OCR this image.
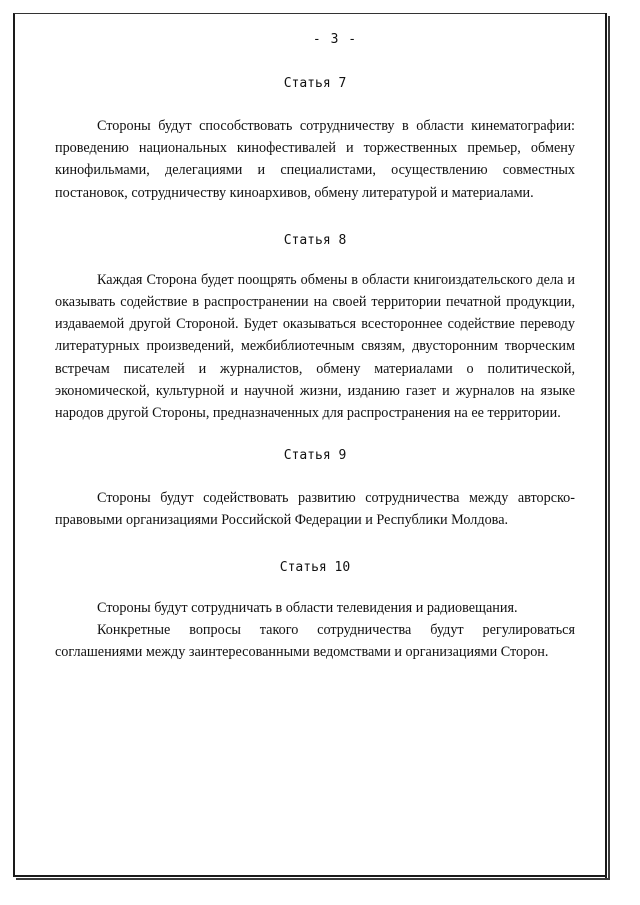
- 3 -
Статья 7

Стороны будут способствовать сотрудничеству в области кинематографии: проведению национальных кинофестивалей и торжественных премьер, обмену кинофильмами, делегациями и специалистами, осуществлению совместных постановок, сотрудничеству киноархивов, обмену литературой и материалами.

Статья 8

Каждая Сторона будет поощрять обмены в области книгоиздательского дела и оказывать содействие в распространении на своей территории печатной продукции, издаваемой другой Стороной. Будет оказываться всестороннее содействие переводу литературных произведений, межбиблиотечным связям, двусторонним творческим встречам писателей и журналистов, обмену материалами о политической, экономической, культурной и научной жизни, изданию газет и журналов на языке народов другой Стороны, предназначенных для распространения на ее территории.

Статья 9

Стороны будут содействовать развитию сотрудничества между авторско-правовыми организациями Российской Федерации и Республики Молдова.

Статья 10

Стороны будут сотрудничать в области телевидения и радиовещания.

Конкретные вопросы такого сотрудничества будут регулироваться соглашениями между заинтересованными ведомствами и организациями Сторон.
